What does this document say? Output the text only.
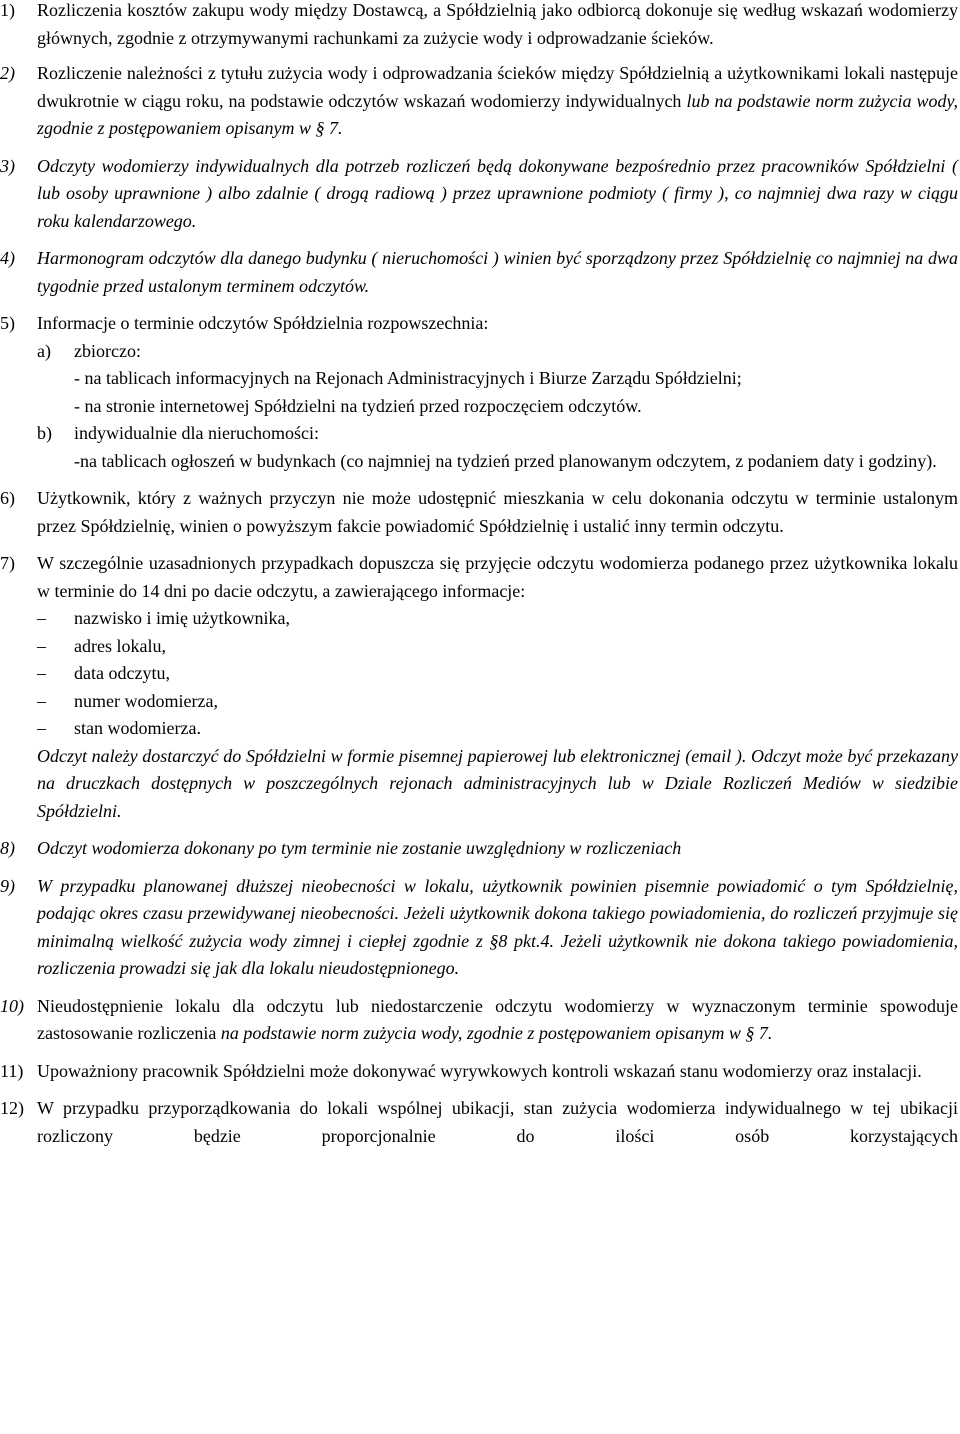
1) Rozliczenia kosztów zakupu wody między Dostawcą, a Spółdzielnią jako odbiorcą dokonuje się według wskazań wodomierzy głównych, zgodnie z otrzymywanymi rachunkami za zużycie wody i odprowadzanie ścieków.
2) Rozliczenie należności z tytułu zużycia wody i odprowadzania ścieków między Spółdzielnią a użytkownikami lokali następuje dwukrotnie w ciągu roku, na podstawie odczytów wskazań wodomierzy indywidualnych lub na podstawie norm zużycia wody, zgodnie z postępowaniem opisanym w § 7.
3) Odczyty wodomierzy indywidualnych dla potrzeb rozliczeń będą dokonywane bezpośrednio przez pracowników Spółdzielni ( lub osoby uprawnione ) albo zdalnie ( drogą radiową ) przez uprawnione podmioty ( firmy ), co najmniej dwa razy w ciągu roku kalendarzowego.
4) Harmonogram odczytów dla danego budynku ( nieruchomości ) winien być sporządzony przez Spółdzielnię co najmniej na dwa tygodnie przed ustalonym terminem odczytów.
5) Informacje o terminie odczytów Spółdzielnia rozpowszechnia:
a) zbiorczo:
- na tablicach informacyjnych na Rejonach Administracyjnych i Biurze Zarządu Spółdzielni;
- na stronie internetowej Spółdzielni na tydzień przed rozpoczęciem odczytów.
b) indywidualnie dla nieruchomości:
-na tablicach ogłoszeń w budynkach (co najmniej na tydzień przed planowanym odczytem, z podaniem daty i godziny).
6) Użytkownik, który z ważnych przyczyn nie może udostępnić mieszkania w celu dokonania odczytu w terminie ustalonym przez Spółdzielnię, winien o powyższym fakcie powiadomić Spółdzielnię i ustalić inny termin odczytu.
7) W szczególnie uzasadnionych przypadkach dopuszcza się przyjęcie odczytu wodomierza podanego przez użytkownika lokalu w terminie do 14 dni po dacie odczytu, a zawierającego informacje:
– nazwisko i imię użytkownika,
– adres lokalu,
– data odczytu,
– numer wodomierza,
– stan wodomierza.
Odczyt należy dostarczyć do Spółdzielni w formie pisemnej papierowej lub elektronicznej (email ). Odczyt może być przekazany na druczkach dostępnych w poszczególnych rejonach administracyjnych lub w Dziale Rozliczeń Mediów w siedzibie Spółdzielni.
8) Odczyt wodomierza dokonany po tym terminie nie zostanie uwzględniony w rozliczeniach
9) W przypadku planowanej dłuższej nieobecności w lokalu, użytkownik powinien pisemnie powiadomić o tym Spółdzielnię, podając okres czasu przewidywanej nieobecności. Jeżeli użytkownik dokona takiego powiadomienia, do rozliczeń przyjmuje się minimalną wielkość zużycia wody zimnej i ciepłej zgodnie z §8 pkt.4. Jeżeli użytkownik nie dokona takiego powiadomienia, rozliczenia prowadzi się jak dla lokalu nieudostępnionego.
10) Nieudostępnienie lokalu dla odczytu lub niedostarczenie odczytu wodomierzy w wyznaczonym terminie spowoduje zastosowanie rozliczenia na podstawie norm zużycia wody, zgodnie z postępowaniem opisanym w § 7.
11) Upoważniony pracownik Spółdzielni może dokonywać wyrywkowych kontroli wskazań stanu wodomierzy oraz instalacji.
12) W przypadku przyporządkowania do lokali wspólnej ubikacji, stan zużycia wodomierza indywidualnego w tej ubikacji rozliczony będzie proporcjonalnie do ilości osób korzystających
